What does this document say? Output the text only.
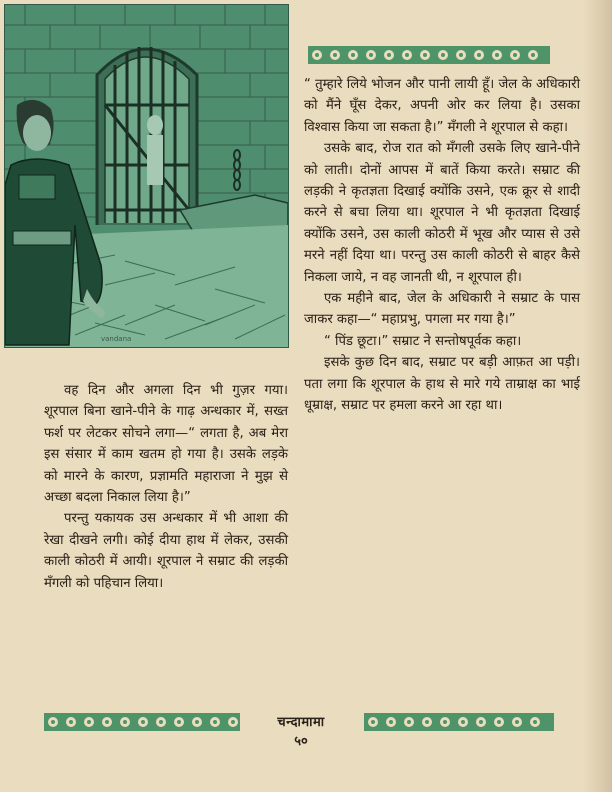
vandana

“ तुम्हारे लिये भोजन और पानी लायी हूँ। जेल के अधिकारी को मैंने घूँस देकर, अपनी ओर कर लिया है। उसका विश्वास किया जा सकता है।” मँगली ने शूरपाल से कहा।

उसके बाद, रोज रात को मँगली उसके लिए खाने-पीने को लाती। दोनों आपस में बातें किया करते। सम्राट की लड़की ने कृतज्ञता दिखाई क्योंकि उसने, एक क्रूर से शादी करने से बचा लिया था। शूरपाल ने भी कृतज्ञता दिखाई क्योंकि उसने, उस काली कोठरी में भूख और प्यास से उसे मरने नहीं दिया था। परन्तु उस काली कोठरी से बाहर कैसे निकला जाये, न वह जानती थी, न शूरपाल ही।

एक महीने बाद, जेल के अधिकारी ने सम्राट के पास जाकर कहा—“ महाप्रभु, पगला मर गया है।”

“ पिंड छूटा।” सम्राट ने सन्तोषपूर्वक कहा।

इसके कुछ दिन बाद, सम्राट पर बड़ी आफ़त आ पड़ी। पता लगा कि शूरपाल के हाथ से मारे गये ताम्राक्ष का भाई धूम्राक्ष, सम्राट पर हमला करने आ रहा था।

वह दिन और अगला दिन भी गुज़र गया। शूरपाल बिना खाने-पीने के गाढ़ अन्धकार में, सख्त फर्श पर लेटकर सोचने लगा—“ लगता है, अब मेरा इस संसार में काम खतम हो गया है। उसके लड़के को मारने के कारण, प्रज्ञामति महाराजा ने मुझ से अच्छा बदला निकाल लिया है।”

परन्तु यकायक उस अन्धकार में भी आशा की रेखा दीखने लगी। कोई दीया हाथ में लेकर, उसकी काली कोठरी में आयी। शूरपाल ने सम्राट की लड़की मँगली को पहिचान लिया।

चन्दामामा
५०
